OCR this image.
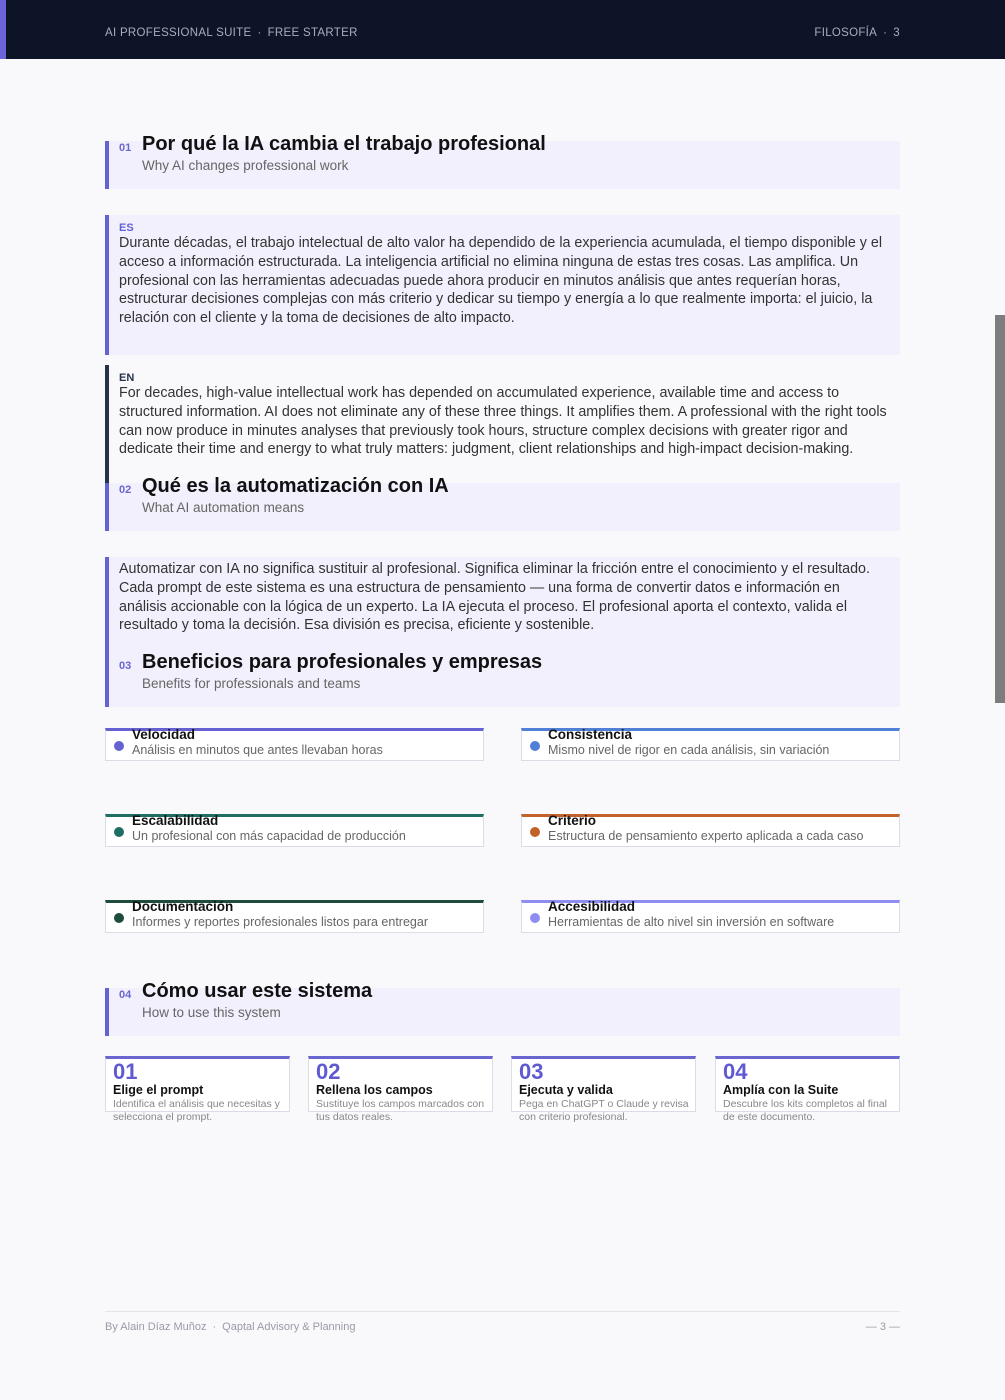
AI PROFESSIONAL SUITE · FREE STARTER	FILOSOFÍA · 3
01 Por qué la IA cambia el trabajo profesional
Why AI changes professional work
ES
Durante décadas, el trabajo intelectual de alto valor ha dependido de la experiencia acumulada, el tiempo disponible y el acceso a información estructurada. La inteligencia artificial no elimina ninguna de estas tres cosas. Las amplifica. Un profesional con las herramientas adecuadas puede ahora producir en minutos análisis que antes requerían horas, estructurar decisiones complejas con más criterio y dedicar su tiempo y energía a lo que realmente importa: el juicio, la relación con el cliente y la toma de decisiones de alto impacto.
EN
For decades, high-value intellectual work has depended on accumulated experience, available time and access to structured information. AI does not eliminate any of these three things. It amplifies them. A professional with the right tools can now produce in minutes analyses that previously took hours, structure complex decisions with greater rigor and dedicate their time and energy to what truly matters: judgment, client relationships and high-impact decision-making.
02 Qué es la automatización con IA
What AI automation means
Automatizar con IA no significa sustituir al profesional. Significa eliminar la fricción entre el conocimiento y el resultado. Cada prompt de este sistema es una estructura de pensamiento — una forma de convertir datos e información en análisis accionable con la lógica de un experto. La IA ejecuta el proceso. El profesional aporta el contexto, valida el resultado y toma la decisión. Esa división es precisa, eficiente y sostenible.
03 Beneficios para profesionales y empresas
Benefits for professionals and teams
Velocidad
Análisis en minutos que antes llevaban horas
Consistencia
Mismo nivel de rigor en cada análisis, sin variación
Escalabilidad
Un profesional con más capacidad de producción
Criterio
Estructura de pensamiento experto aplicada a cada caso
Documentación
Informes y reportes profesionales listos para entregar
Accesibilidad
Herramientas de alto nivel sin inversión en software
04 Cómo usar este sistema
How to use this system
01
Elige el prompt
Identifica el análisis que necesitas y selecciona el prompt.
02
Rellena los campos
Sustituye los campos marcados con tus datos reales.
03
Ejecuta y valida
Pega en ChatGPT o Claude y revisa con criterio profesional.
04
Amplía con la Suite
Descubre los kits completos al final de este documento.
By Alain Díaz Muñoz · Qaptal Advisory & Planning	— 3 —
